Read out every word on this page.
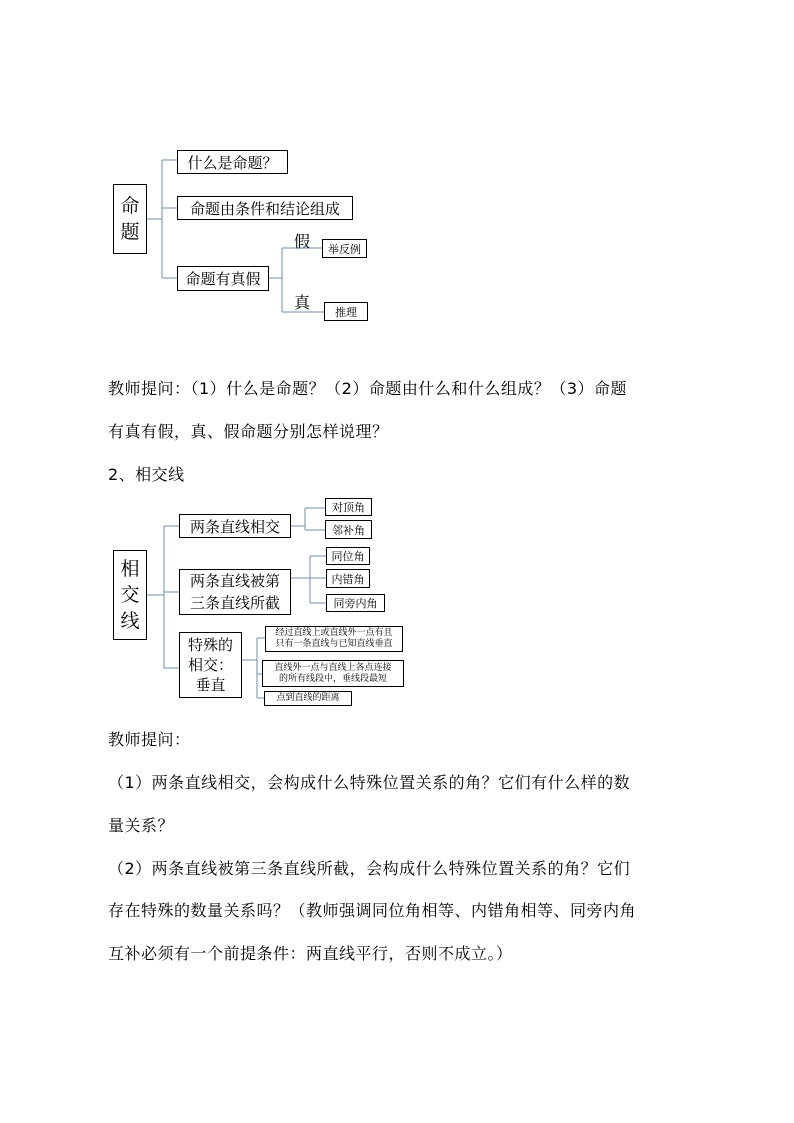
命
题
什么是命题？
命题由条件和结论组成
命题有真假
假
真
举反例
推理
教师提问：（1）什么是命题？（2）命题由什么和什么组成？（3）命题
有真有假，真、假命题分别怎样说理？
2、相交线
相
交
线
两条直线相交
两条直线被第
三条直线所截
特殊的
相交：
垂直
对顶角
邻补角
同位角
内错角
同旁内角
经过直线上或直线外一点有且
只有一条直线与已知直线垂直
直线外一点与直线上各点连接
的所有线段中，垂线段最短
点到直线的距离
教师提问：
（1）两条直线相交，会构成什么特殊位置关系的角？它们有什么样的数
量关系？
（2）两条直线被第三条直线所截，会构成什么特殊位置关系的角？它们
存在特殊的数量关系吗？（教师强调同位角相等、内错角相等、同旁内角
互补必须有一个前提条件：两直线平行，否则不成立。）
